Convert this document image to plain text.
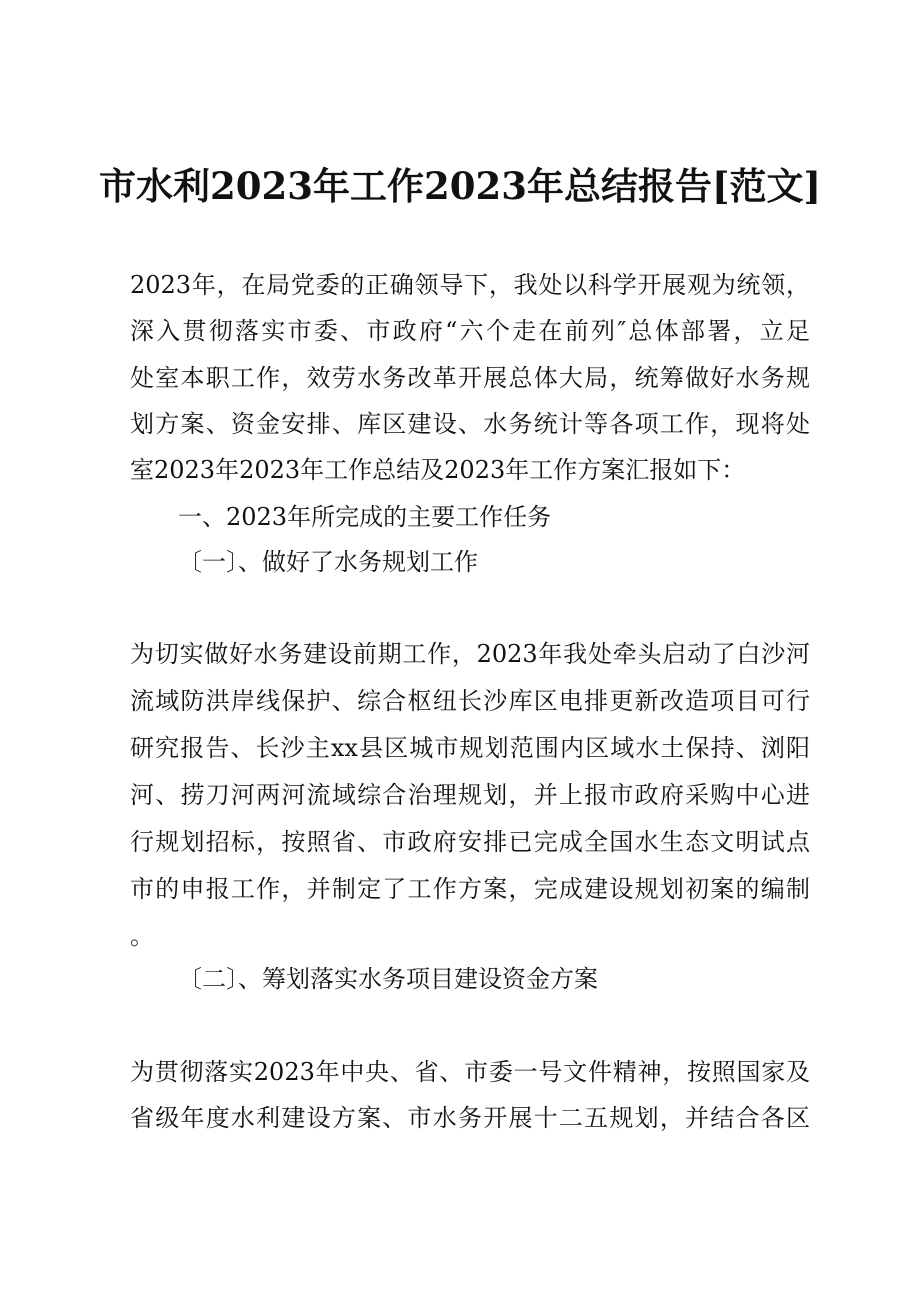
市水利2023年工作2023年总结报告[范文]

2023年，在局党委的正确领导下，我处以科学开展观为统领，

深入贯彻落实市委、市政府“六个走在前列″总体部署，立足

处室本职工作，效劳水务改革开展总体大局，统筹做好水务规

划方案、资金安排、库区建设、水务统计等各项工作，现将处

室2023年2023年工作总结及2023年工作方案汇报如下：

一、2023年所完成的主要工作任务

〔一〕、做好了水务规划工作

为切实做好水务建设前期工作，2023年我处牵头启动了白沙河

流域防洪岸线保护、综合枢纽长沙库区电排更新改造项目可行

研究报告、长沙主xx县区城市规划范围内区域水土保持、浏阳

河、捞刀河两河流域综合治理规划，并上报市政府采购中心进

行规划招标，按照省、市政府安排已完成全国水生态文明试点

市的申报工作，并制定了工作方案，完成建设规划初案的编制

。

〔二〕、筹划落实水务项目建设资金方案

为贯彻落实2023年中央、省、市委一号文件精神，按照国家及

省级年度水利建设方案、市水务开展十二五规划，并结合各区
